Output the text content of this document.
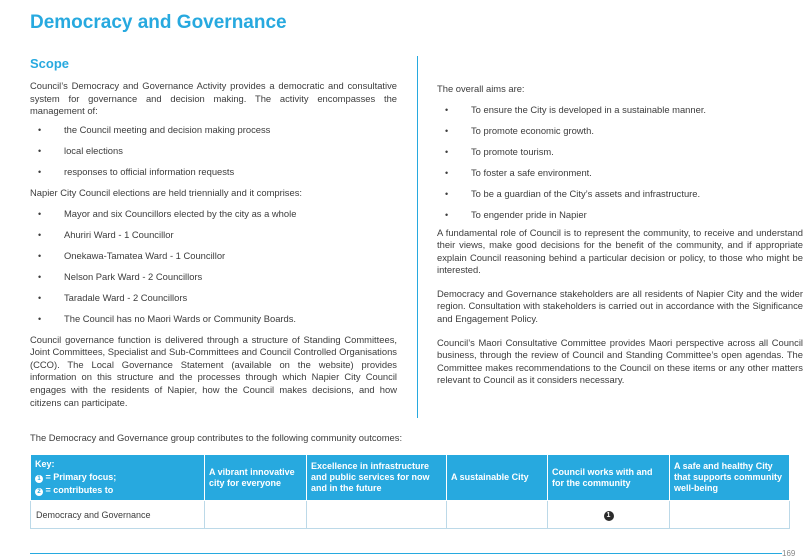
Democracy and Governance
Scope

Council’s Democracy and Governance Activity provides a democratic and consultative system for governance and decision making. The activity encompasses the management of:

• the Council meeting and decision making process
• local elections
• responses to official information requests

Napier City Council elections are held triennially and it comprises:

• Mayor and six Councillors elected by the city as a whole
• Ahuriri Ward - 1 Councillor
• Onekawa-Tamatea Ward - 1 Councillor
• Nelson Park Ward - 2 Councillors
• Taradale Ward - 2 Councillors
• The Council has no Maori Wards or Community Boards.

Council governance function is delivered through a structure of Standing Committees, Joint Committees, Specialist and Sub-Committees and Council Controlled Organisations (CCO). The Local Governance Statement (available on the website) provides information on this structure and the processes through which Napier City Council engages with the residents of Napier, how the Council makes decisions, and how citizens can participate.

The overall aims are:

• To ensure the City is developed in a sustainable manner.
• To promote economic growth.
• To promote tourism.
• To foster a safe environment.
• To be a guardian of the City’s assets and infrastructure.
• To engender pride in Napier

A fundamental role of Council is to represent the community, to receive and understand their views, make good decisions for the benefit of the community, and if appropriate explain Council reasoning behind a particular decision or policy, to those who might be interested.

Democracy and Governance stakeholders are all residents of Napier City and the wider region. Consultation with stakeholders is carried out in accordance with the Significance and Engagement Policy.

Council’s Maori Consultative Committee provides Maori perspective across all Council business, through the review of Council and Standing Committee’s open agendas. The Committee makes recommendations to the Council on these items or any other matters relevant to Council as it considers necessary.

The Democracy and Governance group contributes to the following community outcomes:
Key:
1 = Primary focus;
2 = contributes to	A vibrant innovative city for everyone	Excellence in infrastructure and public services for now and in the future	A sustainable City	Council works with and for the community	A safe and healthy City that supports community well-being
Democracy and Governance				1	
169
